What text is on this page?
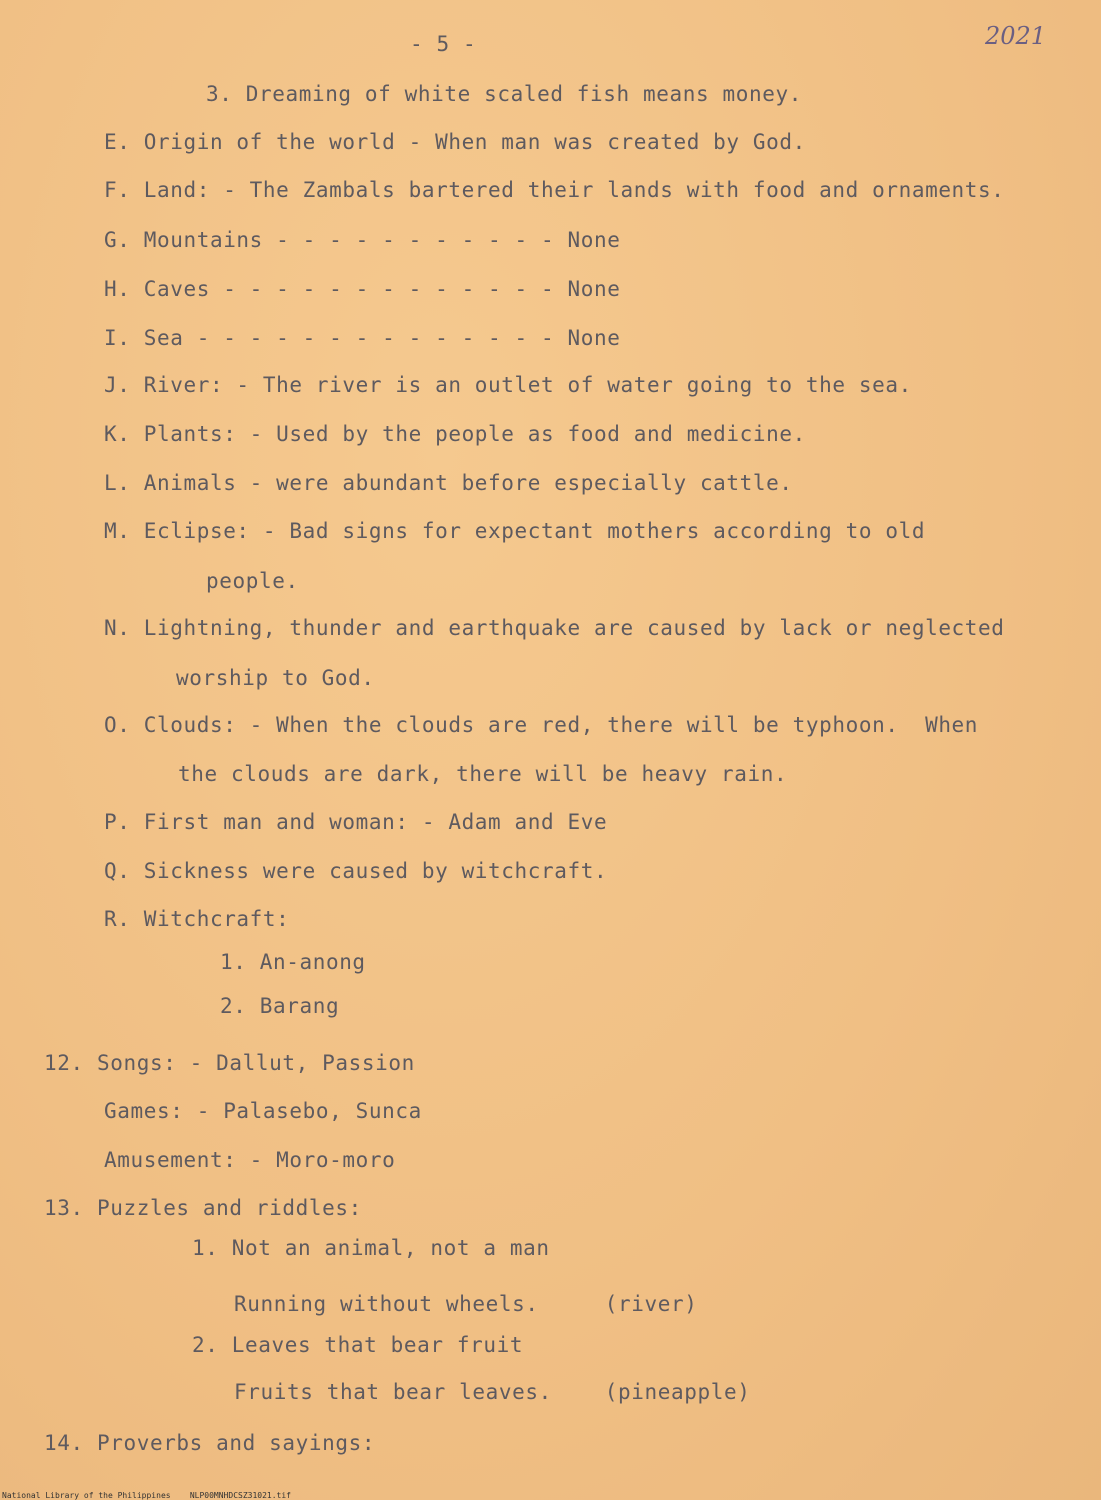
- 5 -	2021
3. Dreaming of white scaled fish means money.
E. Origin of the world - When man was created by God.
F. Land: - The Zambals bartered their lands with food and ornaments.
G. Mountains - - - - - - - - - - - None
H. Caves - - - - - - - - - - - - - None
I. Sea - - - - - - - - - - - - - - None
J. River: - The river is an outlet of water going to the sea.
K. Plants: - Used by the people as food and medicine.
L. Animals - were abundant before especially cattle.
M. Eclipse: - Bad signs for expectant mothers according to old
people.
N. Lightning, thunder and earthquake are caused by lack or neglected
worship to God.
O. Clouds: - When the clouds are red, there will be typhoon.  When
the clouds are dark, there will be heavy rain.
P. First man and woman: - Adam and Eve
Q. Sickness were caused by witchcraft.
R. Witchcraft:
1. An-anong
2. Barang
12. Songs: - Dallut, Passion
Games: - Palasebo, Sunca
Amusement: - Moro-moro
13. Puzzles and riddles:
1. Not an animal, not a man
Running without wheels.     (river)
2. Leaves that bear fruit
Fruits that bear leaves.    (pineapple)
14. Proverbs and sayings:
National Library of the Philippines    NLP00MNHDCSZ31021.tif
